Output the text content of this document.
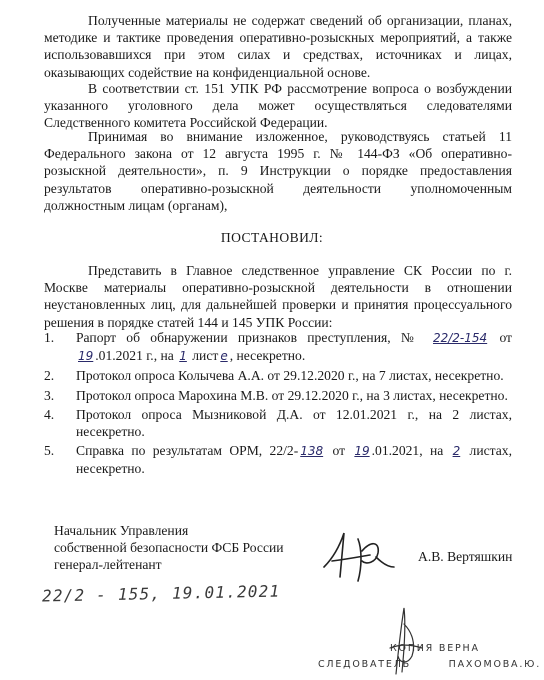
Полученные материалы не содержат сведений об организации, планах, методике и тактике проведения оперативно-розыскных мероприятий, а также использовавшихся при этом силах и средствах, источниках и лицах, оказывающих содействие на конфиденциальной основе.

В соответствии ст. 151 УПК РФ рассмотрение вопроса о возбуждении указанного уголовного дела может осуществляться следователями Следственного комитета Российской Федерации.

Принимая во внимание изложенное, руководствуясь статьей 11 Федерального закона от 12 августа 1995 г. № 144-ФЗ «Об оперативно-розыскной деятельности», п. 9 Инструкции о порядке предоставления результатов оперативно-розыскной деятельности уполномоченным должностным лицам (органам),

ПОСТАНОВИЛ:

Представить в Главное следственное управление СК России по г. Москве материалы оперативно-розыскной деятельности в отношении неустановленных лиц, для дальнейшей проверки и принятия процессуального решения в порядке статей 144 и 145 УПК России:

1. Рапорт об обнаружении признаков преступления, № 22/2-154 от 19 .01.2021 г., на 1 лист е , несекретно.
2. Протокол опроса Колычева А.А. от 29.12.2020 г., на 7 листах, несекретно.
3. Протокол опроса Марохина М.В. от 29.12.2020 г., на 3 листах, несекретно.
4. Протокол опроса Мызниковой Д.А. от 12.01.2021 г., на 2 листах, несекретно.
5. Справка по результатам ОРМ, 22/2- 138 от 19 .01.2021, на 2 листах, несекретно.
Начальник Управления
собственной безопасности ФСБ России
генерал-лейтенант
А.В. Вертяшкин
22/2 - 155, 19.01.2021
КОПИЯ ВЕРНА
СЛЕДОВАТЕЛЬ	ПАХОМОВА.Ю.
